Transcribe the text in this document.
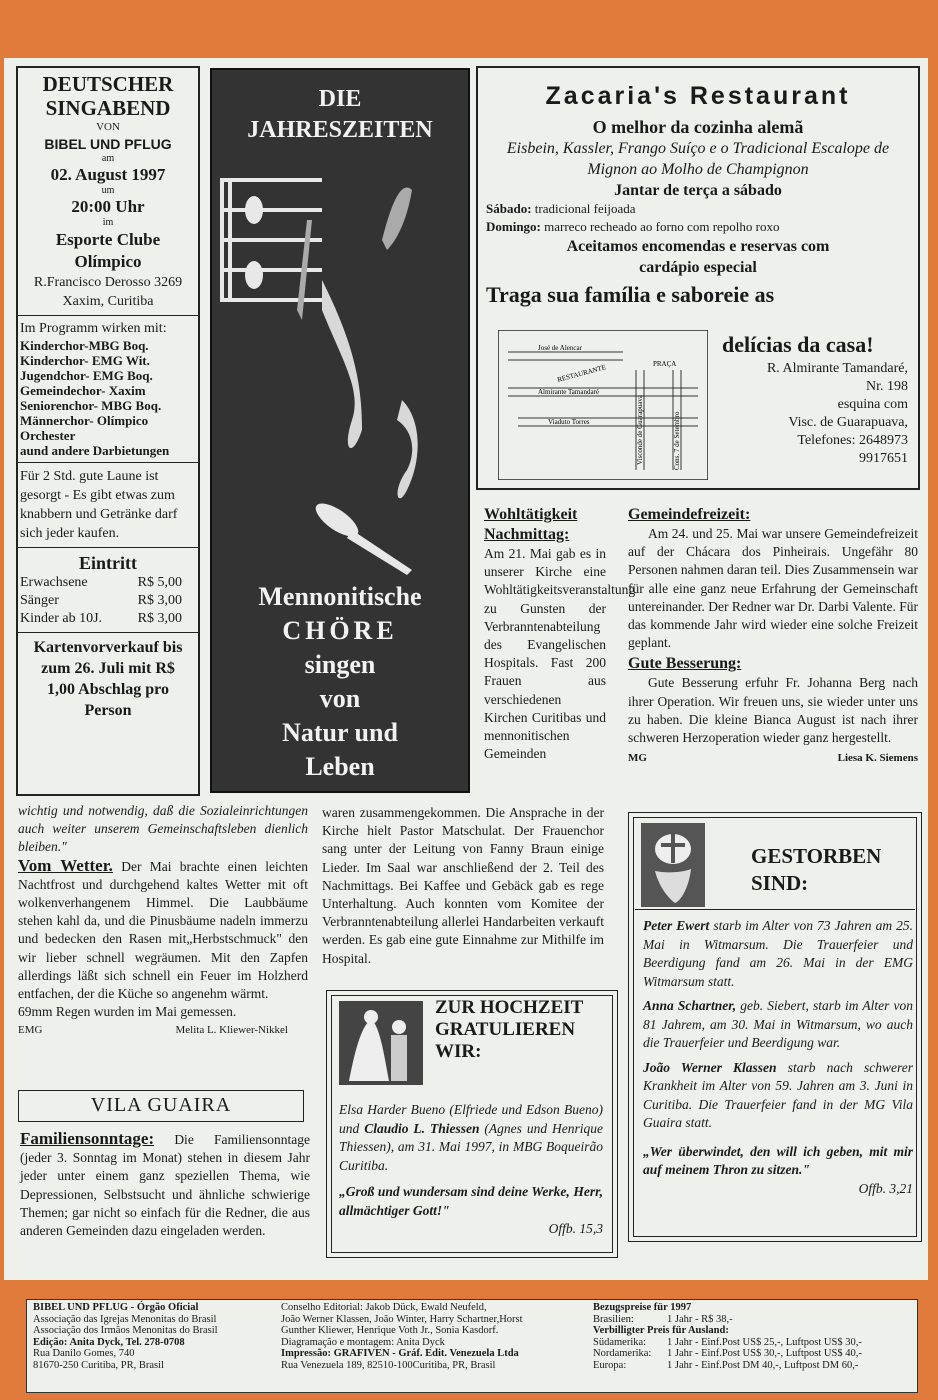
DEUTSCHER
SINGABEND
VON
BIBEL UND PFLUG
am
02. August 1997
um
20:00 Uhr
im
Esporte Clube
Olímpico
R.Francisco Derosso 3269
Xaxim, Curitiba
Im Programm wirken mit:
Kinderchor-MBG Boq.
Kinderchor- EMG Wit.
Jugendchor- EMG Boq.
Gemeindechor- Xaxim
Seniorenchor- MBG Boq.
Männerchor- Olímpico
Orchester
aund andere Darbietungen
Für 2 Std. gute Laune ist gesorgt - Es gibt etwas zum knabbern und Getränke darf sich jeder kaufen.
Eintritt
Erwachsene	R$ 5,00
Sänger	R$ 3,00
Kinder ab 10J.	R$ 3,00
Kartenvorverkauf bis zum 26. Juli mit R$ 1,00 Abschlag pro Person
DIE
JAHRESZEITEN
Mennonitische
CHÖRE
singen
von
Natur und
Leben
Zacaria's Restaurant
O melhor da cozinha alemã
Eisbein, Kassler, Frango Suíço e o Tradicional Escalope de Mignon ao Molho de Champignon
Jantar de terça a sábado
Sábado: tradicional feijoada
Domingo: marreco recheado ao forno com repolho roxo
Aceitamos encomendas e reservas com cardápio especial
Traga sua família e saboreie as
José de Alencar
RESTAURANTE
Almirante Tamandaré
PRAÇA
Viaduto Torres	Visconde de Guarapuava	Cons. 7 de Setembro
delícias da casa!
R. Almirante Tamandaré,
Nr. 198
esquina com
Visc. de Guarapuava,
Telefones: 2648973
9917651
Wohltätigkeit Nachmittag:

Am 21. Mai gab es in unserer Kirche eine Wohltätigkeitsveranstaltung zu Gunsten der Verbranntenabteilung des Evangelischen Hospitals. Fast 200 Frauen aus verschiedenen Kirchen Curitibas und mennonitischen Gemeinden

waren zusammengekommen. Die Ansprache in der Kirche hielt Pastor Matschulat. Der Frauenchor sang unter der Leitung von Fanny Braun einige Lieder. Im Saal war anschließend der 2. Teil des Nachmittags. Bei Kaffee und Gebäck gab es rege Unterhaltung. Auch konnten vom Komitee der Verbranntenabteilung allerlei Handarbeiten verkauft werden. Es gab eine gute Einnahme zur Mithilfe im Hospital.

Gemeindefreizeit:

Am 24. und 25. Mai war unsere Gemeindefreizeit auf der Chácara dos Pinheirais. Ungefähr 80 Personen nahmen daran teil. Dies Zusammensein war für alle eine ganz neue Erfahrung der Gemeinschaft untereinander. Der Redner war Dr. Darbi Valente. Für das kommende Jahr wird wieder eine solche Freizeit geplant.

Gute Besserung:

Gute Besserung erfuhr Fr. Johanna Berg nach ihrer Operation. Wir freuen uns, sie wieder unter uns zu haben. Die kleine Bianca August ist nach ihrer schweren Herzoperation wieder ganz hergestellt.

MG	Liesa K. Siemens

wichtig und notwendig, daß die Sozialeinrichtungen auch weiter unserem Gemeinschaftsleben dienlich bleiben."

Vom Wetter. Der Mai brachte einen leichten Nachtfrost und durchgehend kaltes Wetter mit oft wolkenverhangenem Himmel. Die Laubbäume stehen kahl da, und die Pinusbäume nadeln immerzu und bedecken den Rasen mit„Herbstschmuck" den wir lieber schnell wegräumen. Mit den Zapfen allerdings läßt sich schnell ein Feuer im Holzherd entfachen, der die Küche so angenehm wärmt.

69mm Regen wurden im Mai gemessen.

EMG	Melita L. Kliewer-Nikkel
VILA GUAIRA

Familiensonntage: Die Familiensonntage (jeder 3. Sonntag im Monat) stehen in diesem Jahr jeder unter einem ganz speziellen Thema, wie Depressionen, Selbstsucht und ähnliche schwierige Themen; gar nicht so einfach für die Redner, die aus anderen Gemeinden dazu eingeladen werden.

ZUR HOCHZEIT GRATULIEREN WIR:
Elsa Harder Bueno (Elfriede und Edson Bueno) und Claudio L. Thiessen (Agnes und Henrique Thiessen), am 31. Mai 1997, in MBG Boqueirão Curitiba.

„Groß und wundersam sind deine Werke, Herr, allmächtiger Gott!"

Offb. 15,3

GESTORBEN SIND:

Peter Ewert starb im Alter von 73 Jahren am 25. Mai in Witmarsum. Die Trauerfeier und Beerdigung fand am 26. Mai in der EMG Witmarsum statt.

Anna Schartner, geb. Siebert, starb im Alter von 81 Jahrem, am 30. Mai in Witmarsum, wo auch die Trauerfeier und Beerdigung war.

João Werner Klassen starb nach schwerer Krankheit im Alter von 59. Jahren am 3. Juni in Curitiba. Die Trauerfeier fand in der MG Vila Guaira statt.

„Wer überwindet, den will ich geben, mit mir auf meinem Thron zu sitzen."

Offb. 3,21

BIBEL UND PFLUG - Órgão Oficial
Associação das Igrejas Menonitas do Brasil
Associação dos Irmãos Menonitas do Brasil
Edição: Anita Dyck, Tel. 278-0708
Rua Danilo Gomes, 740
81670-250 Curitiba, PR, Brasil
Conselho Editorial: Jakob Dück, Ewald Neufeld,
João Werner Klassen, João Winter, Harry Schartner,Horst
Gunther Kliewer, Henrique Voth Jr., Sonia Kasdorf.
Diagramação e montagem: Anita Dyck
Impressão: GRAFIVEN - Gráf. Edit. Venezuela Ltda
Rua Venezuela 189, 82510-100Curitiba, PR, Brasil
Bezugspreise für 1997
Brasilien:	1 Jahr - R$ 38,-
Verbilligter Preis für Ausland:
Südamerika: 1 Jahr - Einf.Post US$ 25,-, Luftpost US$ 30,-
Nordamerika: 1 Jahr - Einf.Post US$ 30,-, Luftpost US$ 40,-
Europa:	1 Jahr - Einf.Post DM 40,-, Luftpost DM 60,-
